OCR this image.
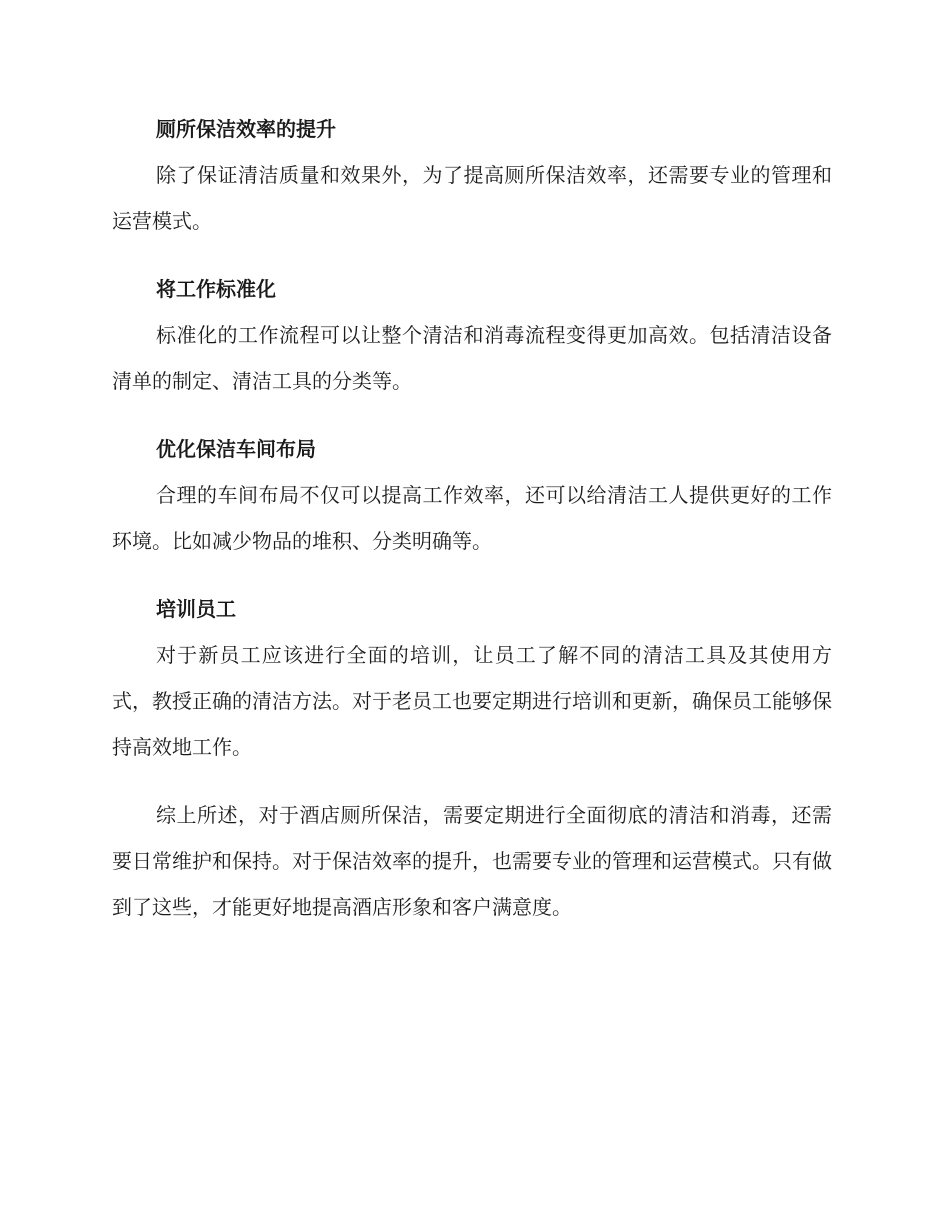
厕所保洁效率的提升

除了保证清洁质量和效果外，为了提高厕所保洁效率，还需要专业的管理和运营模式。

将工作标准化

标准化的工作流程可以让整个清洁和消毒流程变得更加高效。包括清洁设备清单的制定、清洁工具的分类等。

优化保洁车间布局

合理的车间布局不仅可以提高工作效率，还可以给清洁工人提供更好的工作环境。比如减少物品的堆积、分类明确等。

培训员工

对于新员工应该进行全面的培训，让员工了解不同的清洁工具及其使用方式，教授正确的清洁方法。对于老员工也要定期进行培训和更新，确保员工能够保持高效地工作。

综上所述，对于酒店厕所保洁，需要定期进行全面彻底的清洁和消毒，还需要日常维护和保持。对于保洁效率的提升，也需要专业的管理和运营模式。只有做到了这些，才能更好地提高酒店形象和客户满意度。
